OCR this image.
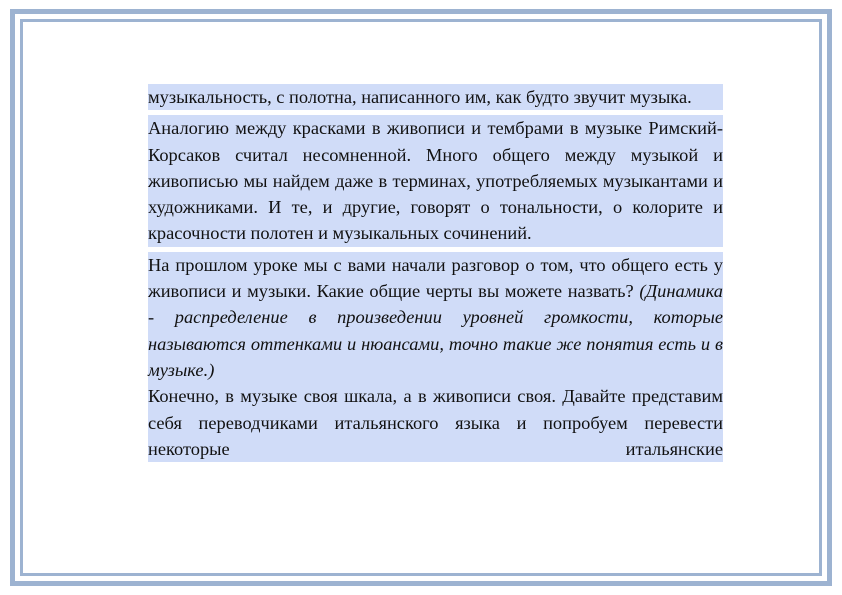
музыкальность, с полотна, написанного им, как будто звучит музыка.

Аналогию между красками в живописи и тембрами в музыке Римский-Корсаков считал несомненной. Много общего между музыкой и живописью мы найдем даже в терминах, употребляемых музыкантами и художниками. И те, и другие, говорят о тональности, о колорите и красочности полотен и музыкальных сочинений.

На прошлом уроке мы с вами начали разговор о том, что общего есть у живописи и музыки. Какие общие черты вы можете назвать? (Динамика - распределение в произведении уровней громкости, которые называются оттенками и нюансами, точно такие же понятия есть и в музыке.)

Конечно, в музыке своя шкала, а в живописи своя. Давайте представим себя переводчиками итальянского языка и попробуем перевести некоторые итальянские
